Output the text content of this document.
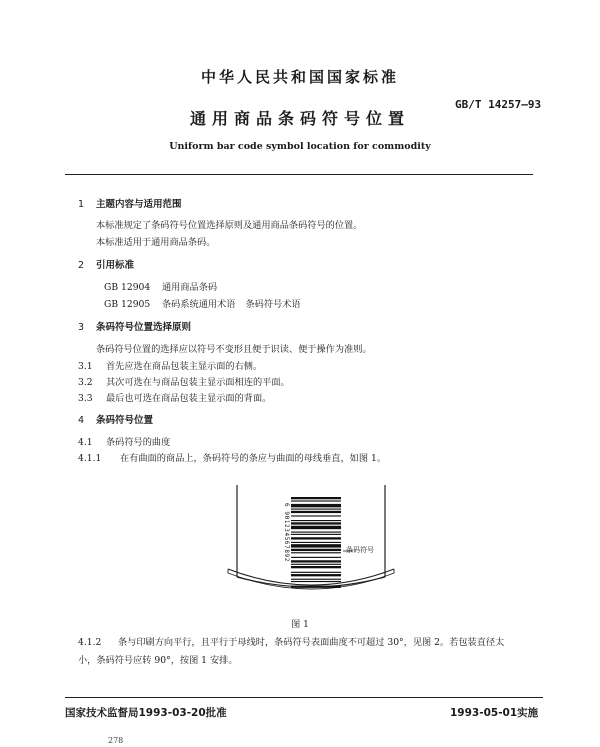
中华人民共和国国家标准
GB/T 14257—93
通用商品条码符号位置
Uniform bar code symbol location for commodity
1 主题内容与适用范围
本标准规定了条码符号位置选择原则及通用商品条码符号的位置。
本标准适用于通用商品条码。
2 引用标准
GB 12904 通用商品条码
GB 12905 条码系统通用术语 条码符号术语
3 条码符号位置选择原则
条码符号位置的选择应以符号不变形且便于识读、便于操作为准则。
3.1 首先应选在商品包装主显示面的右侧。
3.2 其次可选在与商品包装主显示面相连的平面。
3.3 最后也可选在商品包装主显示面的背面。
4 条码符号位置
4.1 条码符号的曲度
4.1.1 在有曲面的商品上，条码符号的条应与曲面的母线垂直，如图 1。
条码符号
6 901234567892
图 1
4.1.2 条与印刷方向平行，且平行于母线时，条码符号表面曲度不可超过 30°，见图 2。若包装直径太
小，条码符号应转 90°，按图 1 安排。
国家技术监督局1993-03-20批准	1993-05-01实施
278
